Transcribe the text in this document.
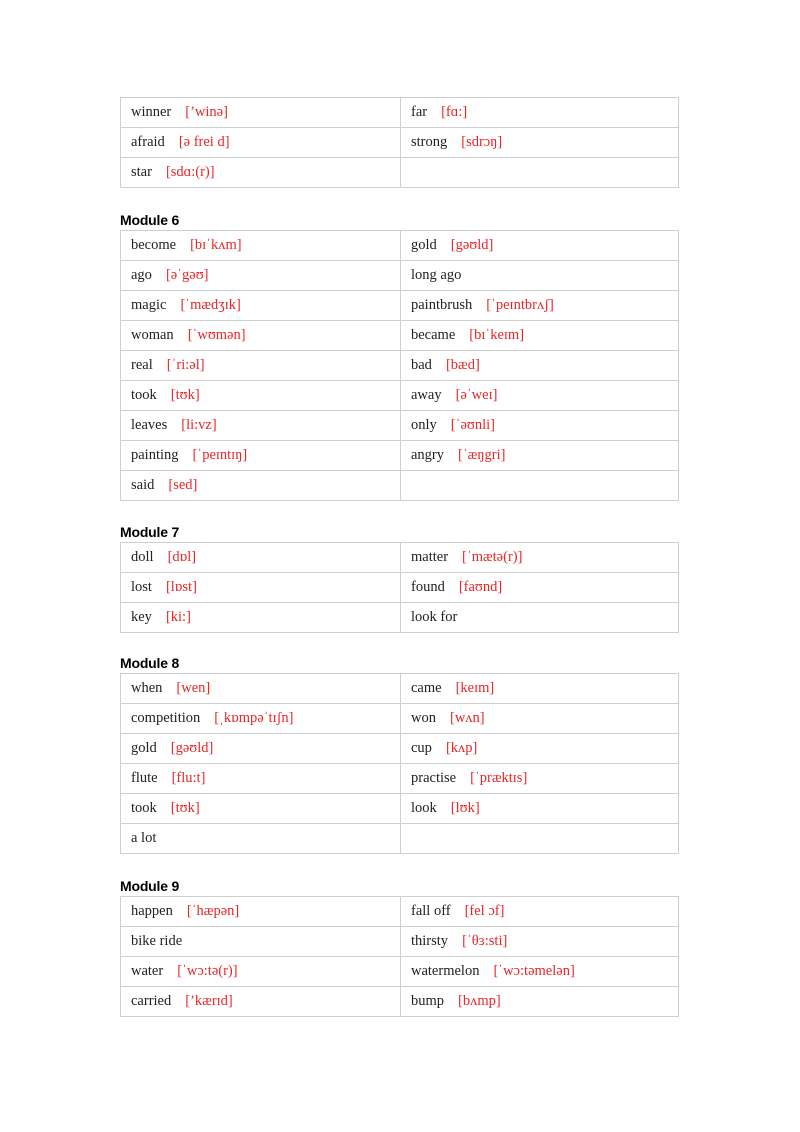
winner [’winə]	far [fɑ:]
afraid [ə frei d]	strong [sdrɔŋ]
star [sdɑ:(r)]	
Module 6
become [bɪˈkʌm]	gold [gəʊld]
ago [əˈgəʊ]	long ago
magic [ˈmædʒɪk]	paintbrush [ˈpeɪntbrʌʃ]
woman [ˈwʊmən]	became [bɪˈkeɪm]
real [ˈri:əl]	bad [bæd]
took [tʊk]	away [əˈweɪ]
leaves [li:vz]	only [ˈəʊnli]
painting [ˈpeɪntɪŋ]	angry [ˈæŋgri]
said [sed]	
Module 7
doll [dɒl]	matter [ˈmætə(r)]
lost [lɒst]	found [faʊnd]
key [ki:]	look for
Module 8
when [wen]	came [keɪm]
competition [ˌkɒmpəˈtɪʃn]	won [wʌn]
gold [gəʊld]	cup [kʌp]
flute [flu:t]	practise [ˈpræktɪs]
took [tʊk]	look [lʊk]
a lot	
Module 9
happen [ˈhæpən]	fall off [fel ɔf]
bike ride	thirsty [ˈθɜ:sti]
water [ˈwɔ:tə(r)]	watermelon [ˈwɔ:təmelən]
carried [’kærɪd]	bump [bʌmp]
